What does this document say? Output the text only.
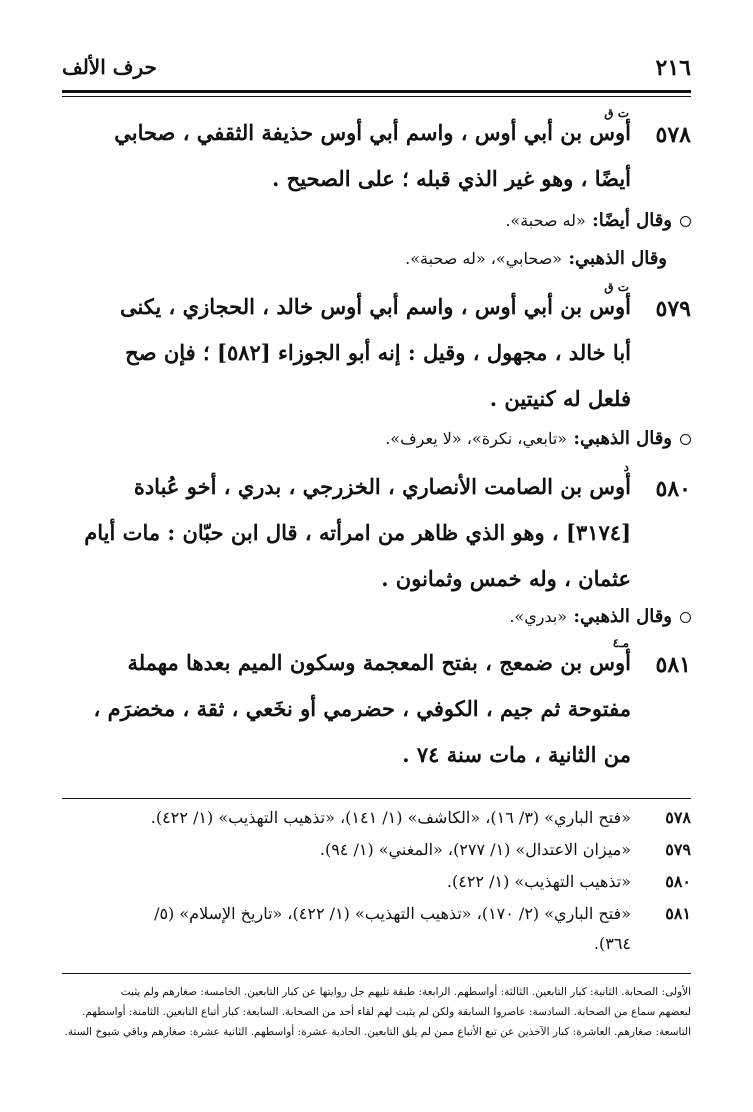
٢١٦
حرف الألف
ت ق
٥٧٨
أوس بن أبي أوس ، واسم أبي أوس حذيفة الثقفي ، صحابي
أيضًا ، وهو غير الذي قبله ؛ على الصحيح .
وقال أيضًا: «له صحبة».
وقال الذهبي: «صحابي»، «له صحبة».
ت ق
٥٧٩
أوس بن أبي أوس ، واسم أبي أوس خالد ، الحجازي ، يكنى
أبا خالد ، مجهول ، وقيل : إنه أبو الجوزاء [٥٨٢] ؛ فإن صح
فلعل له كنيتين .
وقال الذهبي: «تابعي، نكرة»، «لا يعرف».
د
٥٨٠
أوس بن الصامت الأنصاري ، الخزرجي ، بدري ، أخو عُبادة
[٣١٧٤] ، وهو الذي ظاهر من امرأته ، قال ابن حبّان : مات أيام
عثمان ، وله خمس وثمانون .
وقال الذهبي: «بدري».
مـ٤
٥٨١
أوس بن ضمعج ، بفتح المعجمة وسكون الميم بعدها مهملة
مفتوحة ثم جيم ، الكوفي ، حضرمي أو نخَعي ، ثقة ، مخضرَم ،
من الثانية ، مات سنة ٧٤ .
٥٧٨
«فتح الباري» (٣/ ١٦)، «الكاشف» (١/ ١٤١)، «تذهيب التهذيب» (١/ ٤٢٢).
٥٧٩
«ميزان الاعتدال» (١/ ٢٧٧)، «المغني» (١/ ٩٤).
٥٨٠
«تذهيب التهذيب» (١/ ٤٢٢).
٥٨١
«فتح الباري» (٢/ ١٧٠)، «تذهيب التهذيب» (١/ ٤٢٢)، «تاريخ الإسلام» (٥/
٣٦٤).
الأولى: الصحابة. الثانية: كبار التابعين. الثالثة: أواسطهم. الرابعة: طبقة تليهم جل روايتها عن كبار التابعين. الخامسة: صغارهم ولم يثبت
لبعضهم سماع من الصحابة. السادسة: عاصروا السابقة ولكن لم يثبت لهم لقاء أحد من الصحابة. السابعة: كبار أتباع التابعين. الثامنة: أواسطهم.
التاسعة: صغارهم. العاشرة: كبار الآخذين عن تبع الأتباع ممن لم يلق التابعين. الحادية عشرة: أواسطهم. الثانية عشرة: صغارهم وباقي شيوخ الستة.
